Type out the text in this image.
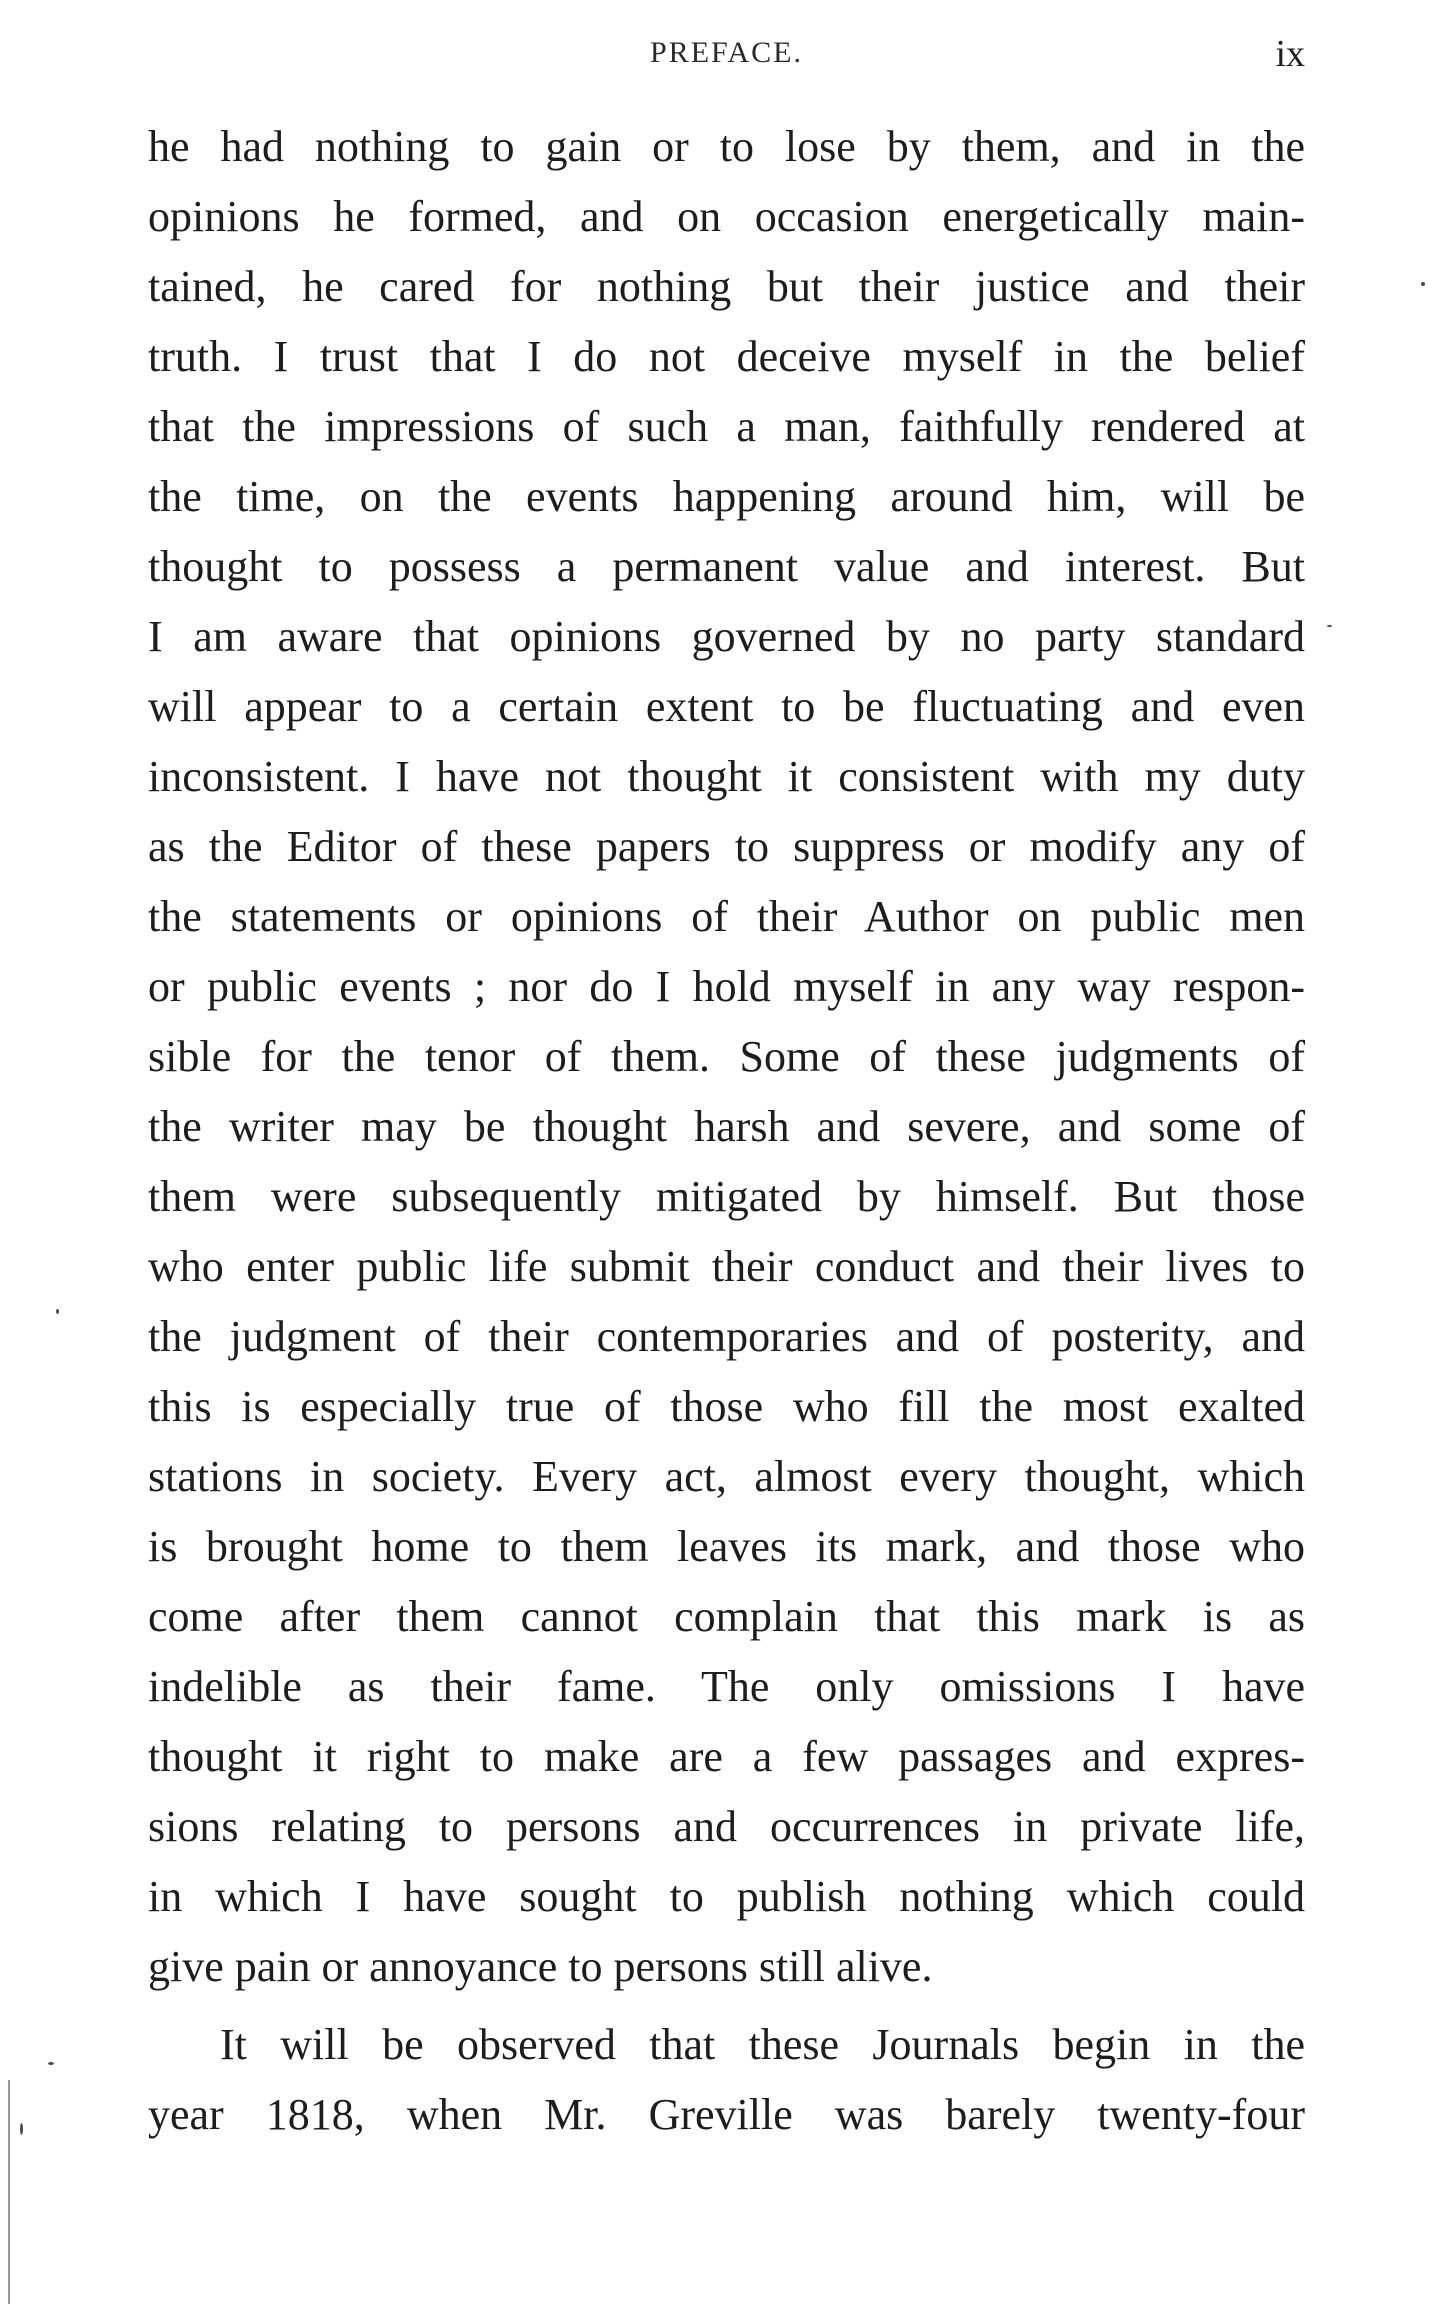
PREFACE.	ix
he had nothing to gain or to lose by them, and in the
opinions he formed, and on occasion energetically main-
tained, he cared for nothing but their justice and their
truth. I trust that I do not deceive myself in the belief
that the impressions of such a man, faithfully rendered at
the time, on the events happening around him, will be
thought to possess a permanent value and interest. But
I am aware that opinions governed by no party standard
will appear to a certain extent to be fluctuating and even
inconsistent. I have not thought it consistent with my duty
as the Editor of these papers to suppress or modify any of
the statements or opinions of their Author on public men
or public events ; nor do I hold myself in any way respon-
sible for the tenor of them. Some of these judgments of
the writer may be thought harsh and severe, and some of
them were subsequently mitigated by himself. But those
who enter public life submit their conduct and their lives to
the judgment of their contemporaries and of posterity, and
this is especially true of those who fill the most exalted
stations in society. Every act, almost every thought, which
is brought home to them leaves its mark, and those who
come after them cannot complain that this mark is as
indelible as their fame. The only omissions I have
thought it right to make are a few passages and expres-
sions relating to persons and occurrences in private life,
in which I have sought to publish nothing which could
give pain or annoyance to persons still alive.
It will be observed that these Journals begin in the
year 1818, when Mr. Greville was barely twenty-four
